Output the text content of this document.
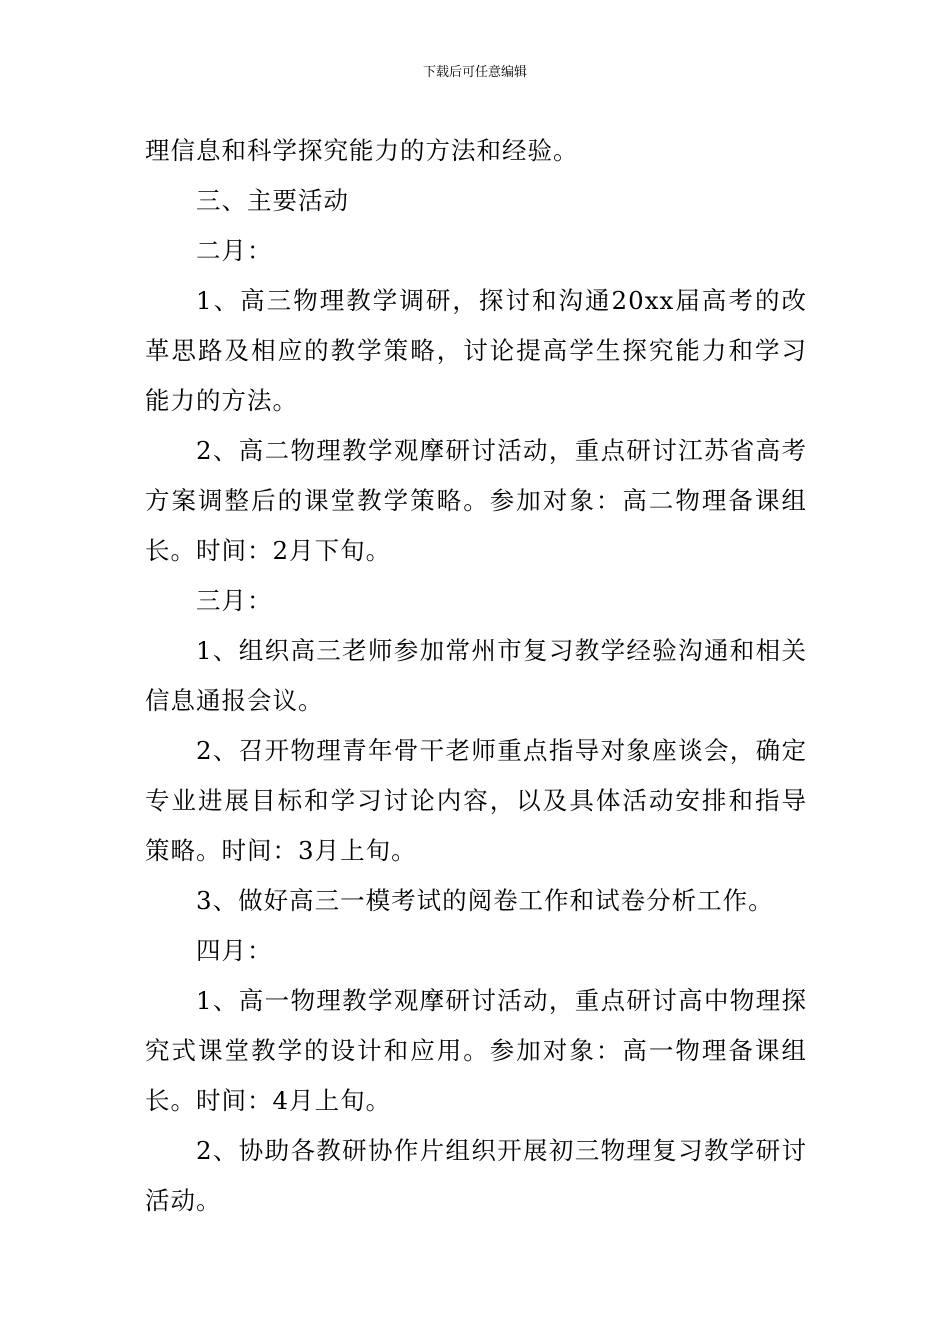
下载后可任意编辑

理信息和科学探究能力的方法和经验。

三、主要活动

二月：

1、高三物理教学调研，探讨和沟通20xx届高考的改革思路及相应的教学策略，讨论提高学生探究能力和学习能力的方法。

2、高二物理教学观摩研讨活动，重点研讨江苏省高考方案调整后的课堂教学策略。参加对象：高二物理备课组长。时间：2月下旬。

三月：

1、组织高三老师参加常州市复习教学经验沟通和相关信息通报会议。

2、召开物理青年骨干老师重点指导对象座谈会，确定专业进展目标和学习讨论内容，以及具体活动安排和指导策略。时间：3月上旬。

3、做好高三一模考试的阅卷工作和试卷分析工作。

四月：

1、高一物理教学观摩研讨活动，重点研讨高中物理探究式课堂教学的设计和应用。参加对象：高一物理备课组长。时间：4月上旬。

2、协助各教研协作片组织开展初三物理复习教学研讨活动。
